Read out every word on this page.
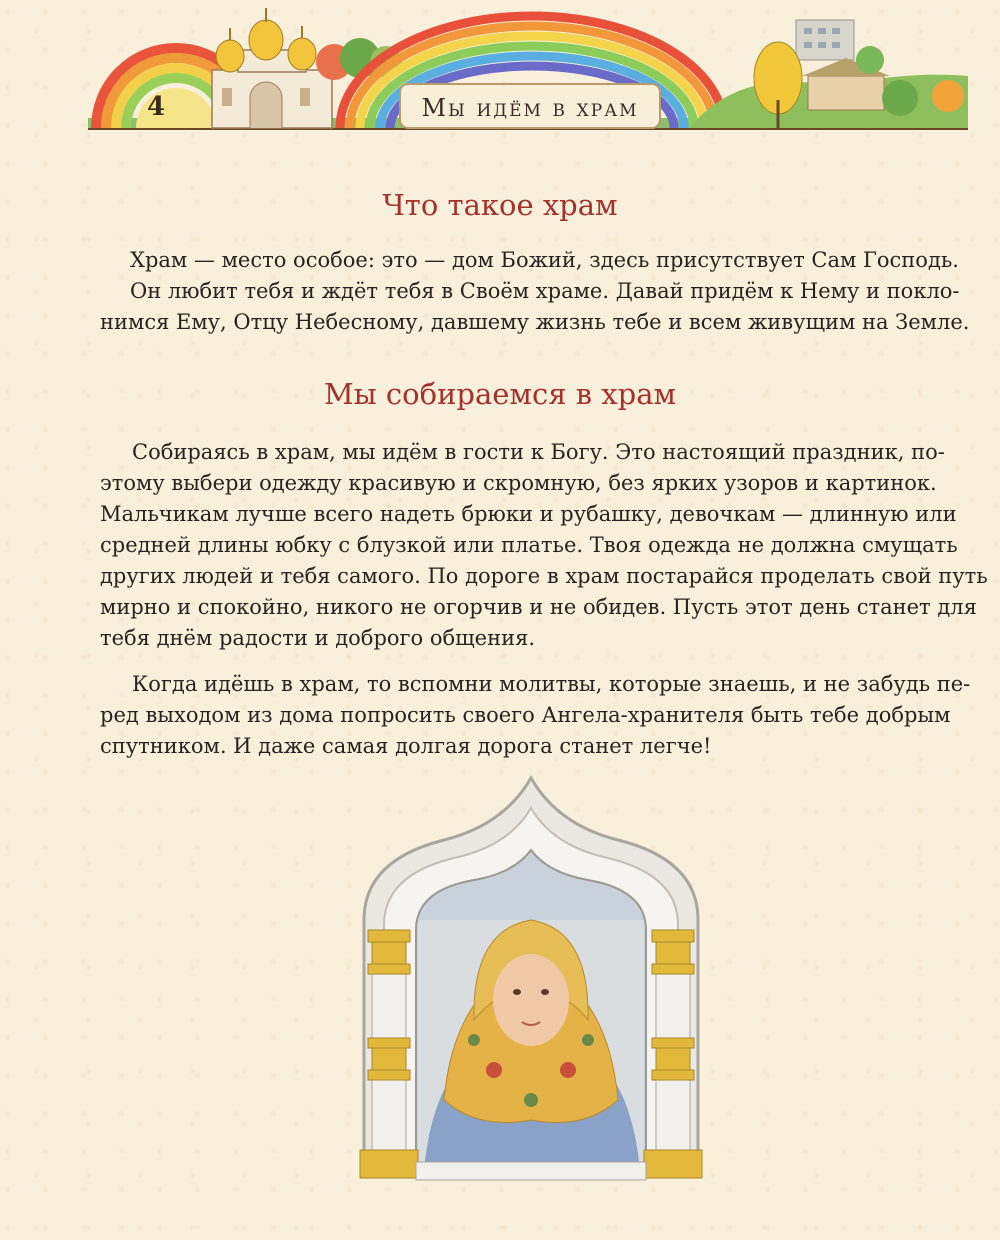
4	Мы идём в храм
Что такое храм
Храм — место особое: это — дом Божий, здесь присутствует Сам Господь.
Он любит тебя и ждёт тебя в Своём храме. Давай придём к Нему и покло-
нимся Ему, Отцу Небесному, давшему жизнь тебе и всем живущим на Земле.
Мы собираемся в храм
Собираясь в храм, мы идём в гости к Богу. Это настоящий праздник, по-
этому выбери одежду красивую и скромную, без ярких узоров и картинок.
Мальчикам лучше всего надеть брюки и рубашку, девочкам — длинную или
средней длины юбку с блузкой или платье. Твоя одежда не должна смущать
других людей и тебя самого. По дороге в храм постарайся проделать свой путь
мирно и спокойно, никого не огорчив и не обидев. Пусть этот день станет для
тебя днём радости и доброго общения.
Когда идёшь в храм, то вспомни молитвы, которые знаешь, и не забудь пе-
ред выходом из дома попросить своего Ангела-хранителя быть тебе добрым
спутником. И даже самая долгая дорога станет легче!
